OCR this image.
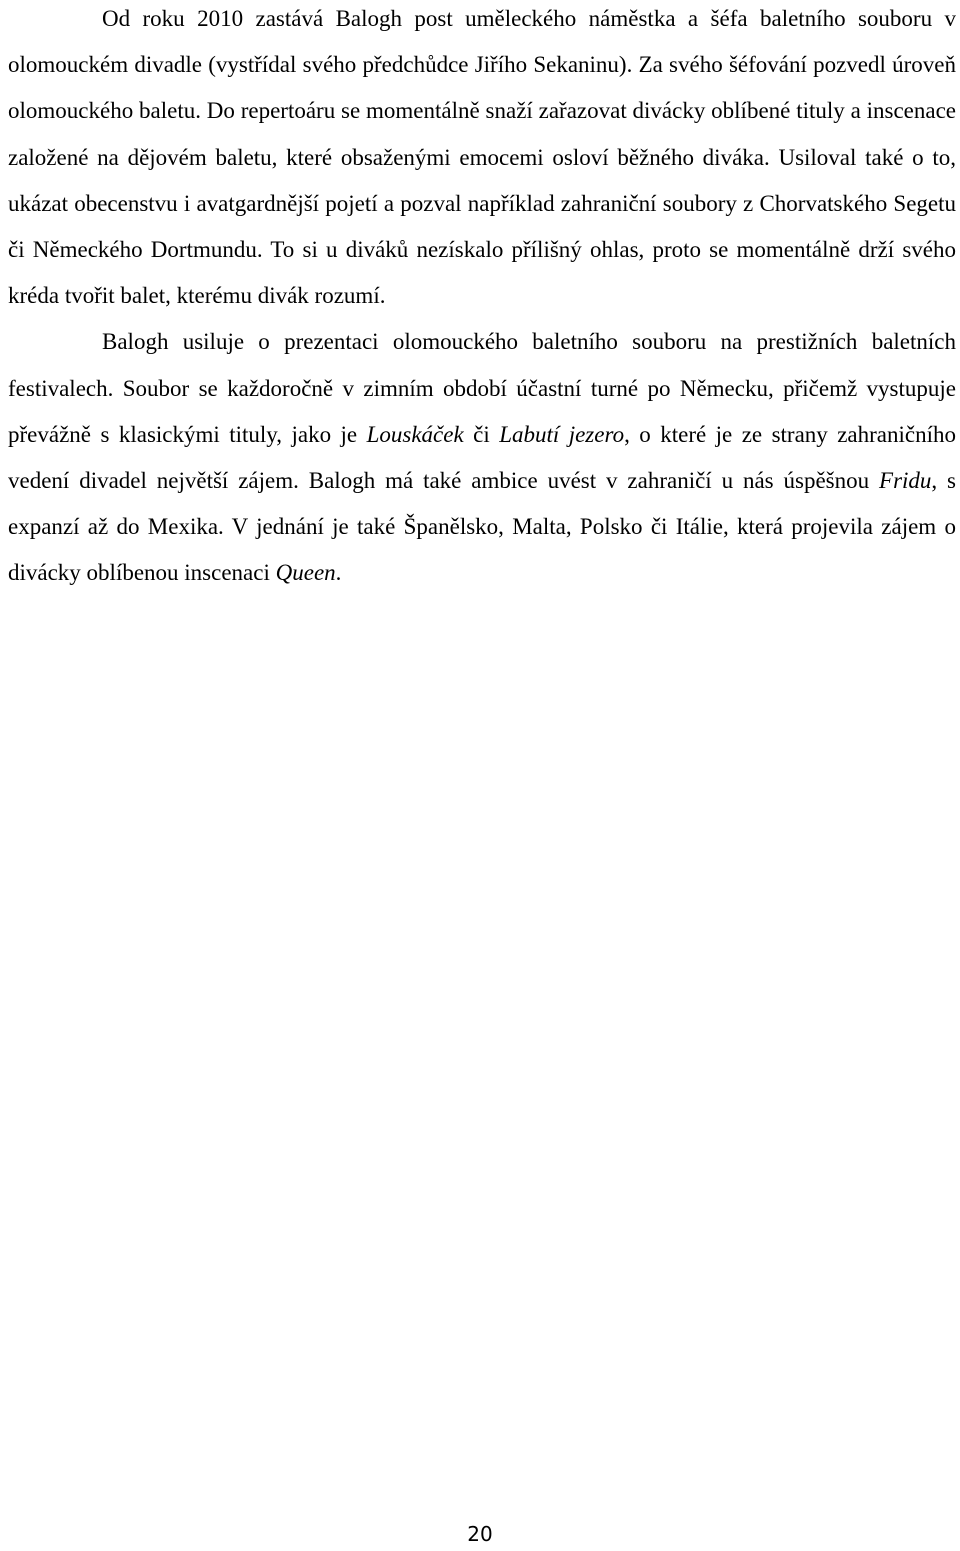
Od roku 2010 zastává Balogh post uměleckého náměstka a šéfa baletního souboru v olomouckém divadle (vystřídal svého předchůdce Jiřího Sekaninu). Za svého šéfování pozvedl úroveň olomouckého baletu. Do repertoáru se momentálně snaží zařazovat divácky oblíbené tituly a inscenace založené na dějovém baletu, které obsaženými emocemi osloví běžného diváka. Usiloval také o to, ukázat obecenstvu i avatgardnější pojetí a pozval například zahraniční soubory z Chorvatského Segetu či Německého Dortmundu. To si u diváků nezískalo přílišný ohlas, proto se momentálně drží svého kréda tvořit balet, kterému divák rozumí.

Balogh usiluje o prezentaci olomouckého baletního souboru na prestižních baletních festivalech. Soubor se každoročně v zimním období účastní turné po Německu, přičemž vystupuje převážně s klasickými tituly, jako je Louskáček či Labutí jezero, o které je ze strany zahraničního vedení divadel největší zájem. Balogh má také ambice uvést v zahraničí u nás úspěšnou Fridu, s expanzí až do Mexika. V jednání je také Španělsko, Malta, Polsko či Itálie, která projevila zájem o divácky oblíbenou inscenaci Queen.

20
